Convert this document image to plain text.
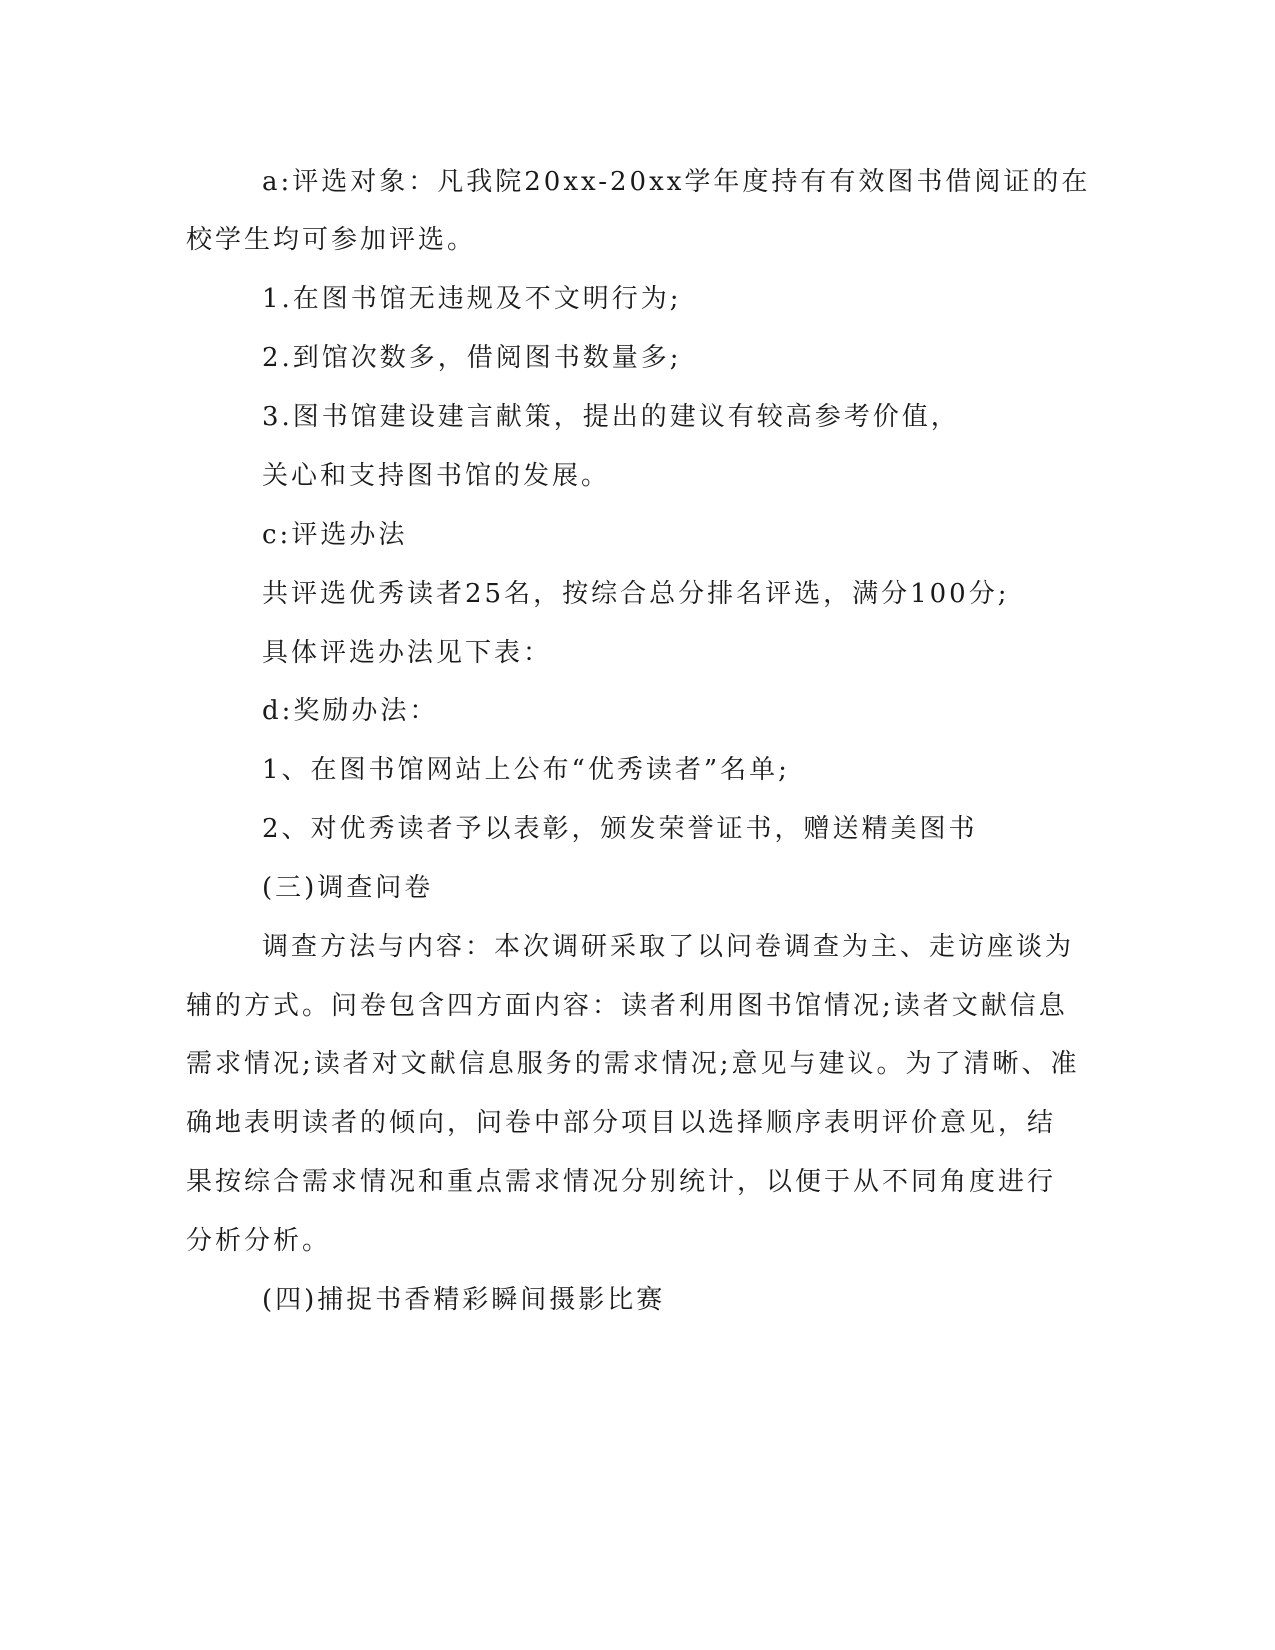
a:评选对象：凡我院20xx-20xx学年度持有有效图书借阅证的在
校学生均可参加评选。
1.在图书馆无违规及不文明行为;
2.到馆次数多，借阅图书数量多;
3.图书馆建设建言献策，提出的建议有较高参考价值，
关心和支持图书馆的发展。
c:评选办法
共评选优秀读者25名，按综合总分排名评选，满分100分;
具体评选办法见下表：
d:奖励办法：
1、在图书馆网站上公布“优秀读者”名单;
2、对优秀读者予以表彰，颁发荣誉证书，赠送精美图书
(三)调查问卷
调查方法与内容：本次调研采取了以问卷调查为主、走访座谈为
辅的方式。问卷包含四方面内容：读者利用图书馆情况;读者文献信息
需求情况;读者对文献信息服务的需求情况;意见与建议。为了清晰、准
确地表明读者的倾向，问卷中部分项目以选择顺序表明评价意见，结
果按综合需求情况和重点需求情况分别统计，以便于从不同角度进行
分析分析。
(四)捕捉书香精彩瞬间摄影比赛
